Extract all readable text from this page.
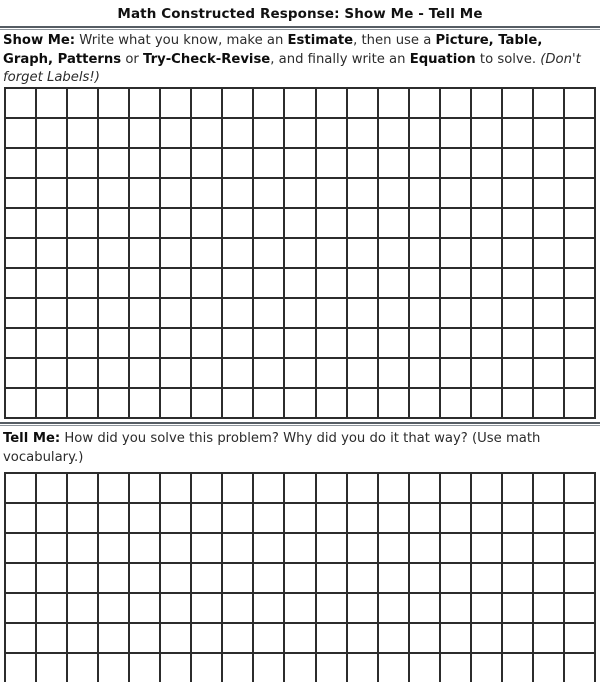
Math Constructed Response: Show Me - Tell Me
Show Me: Write what you know, make an Estimate, then use a Picture, Table, Graph, Patterns or Try-Check-Revise, and finally write an Equation to solve. (Don't forget Labels!)
Tell Me: How did you solve this problem? Why did you do it that way? (Use math vocabulary.)
